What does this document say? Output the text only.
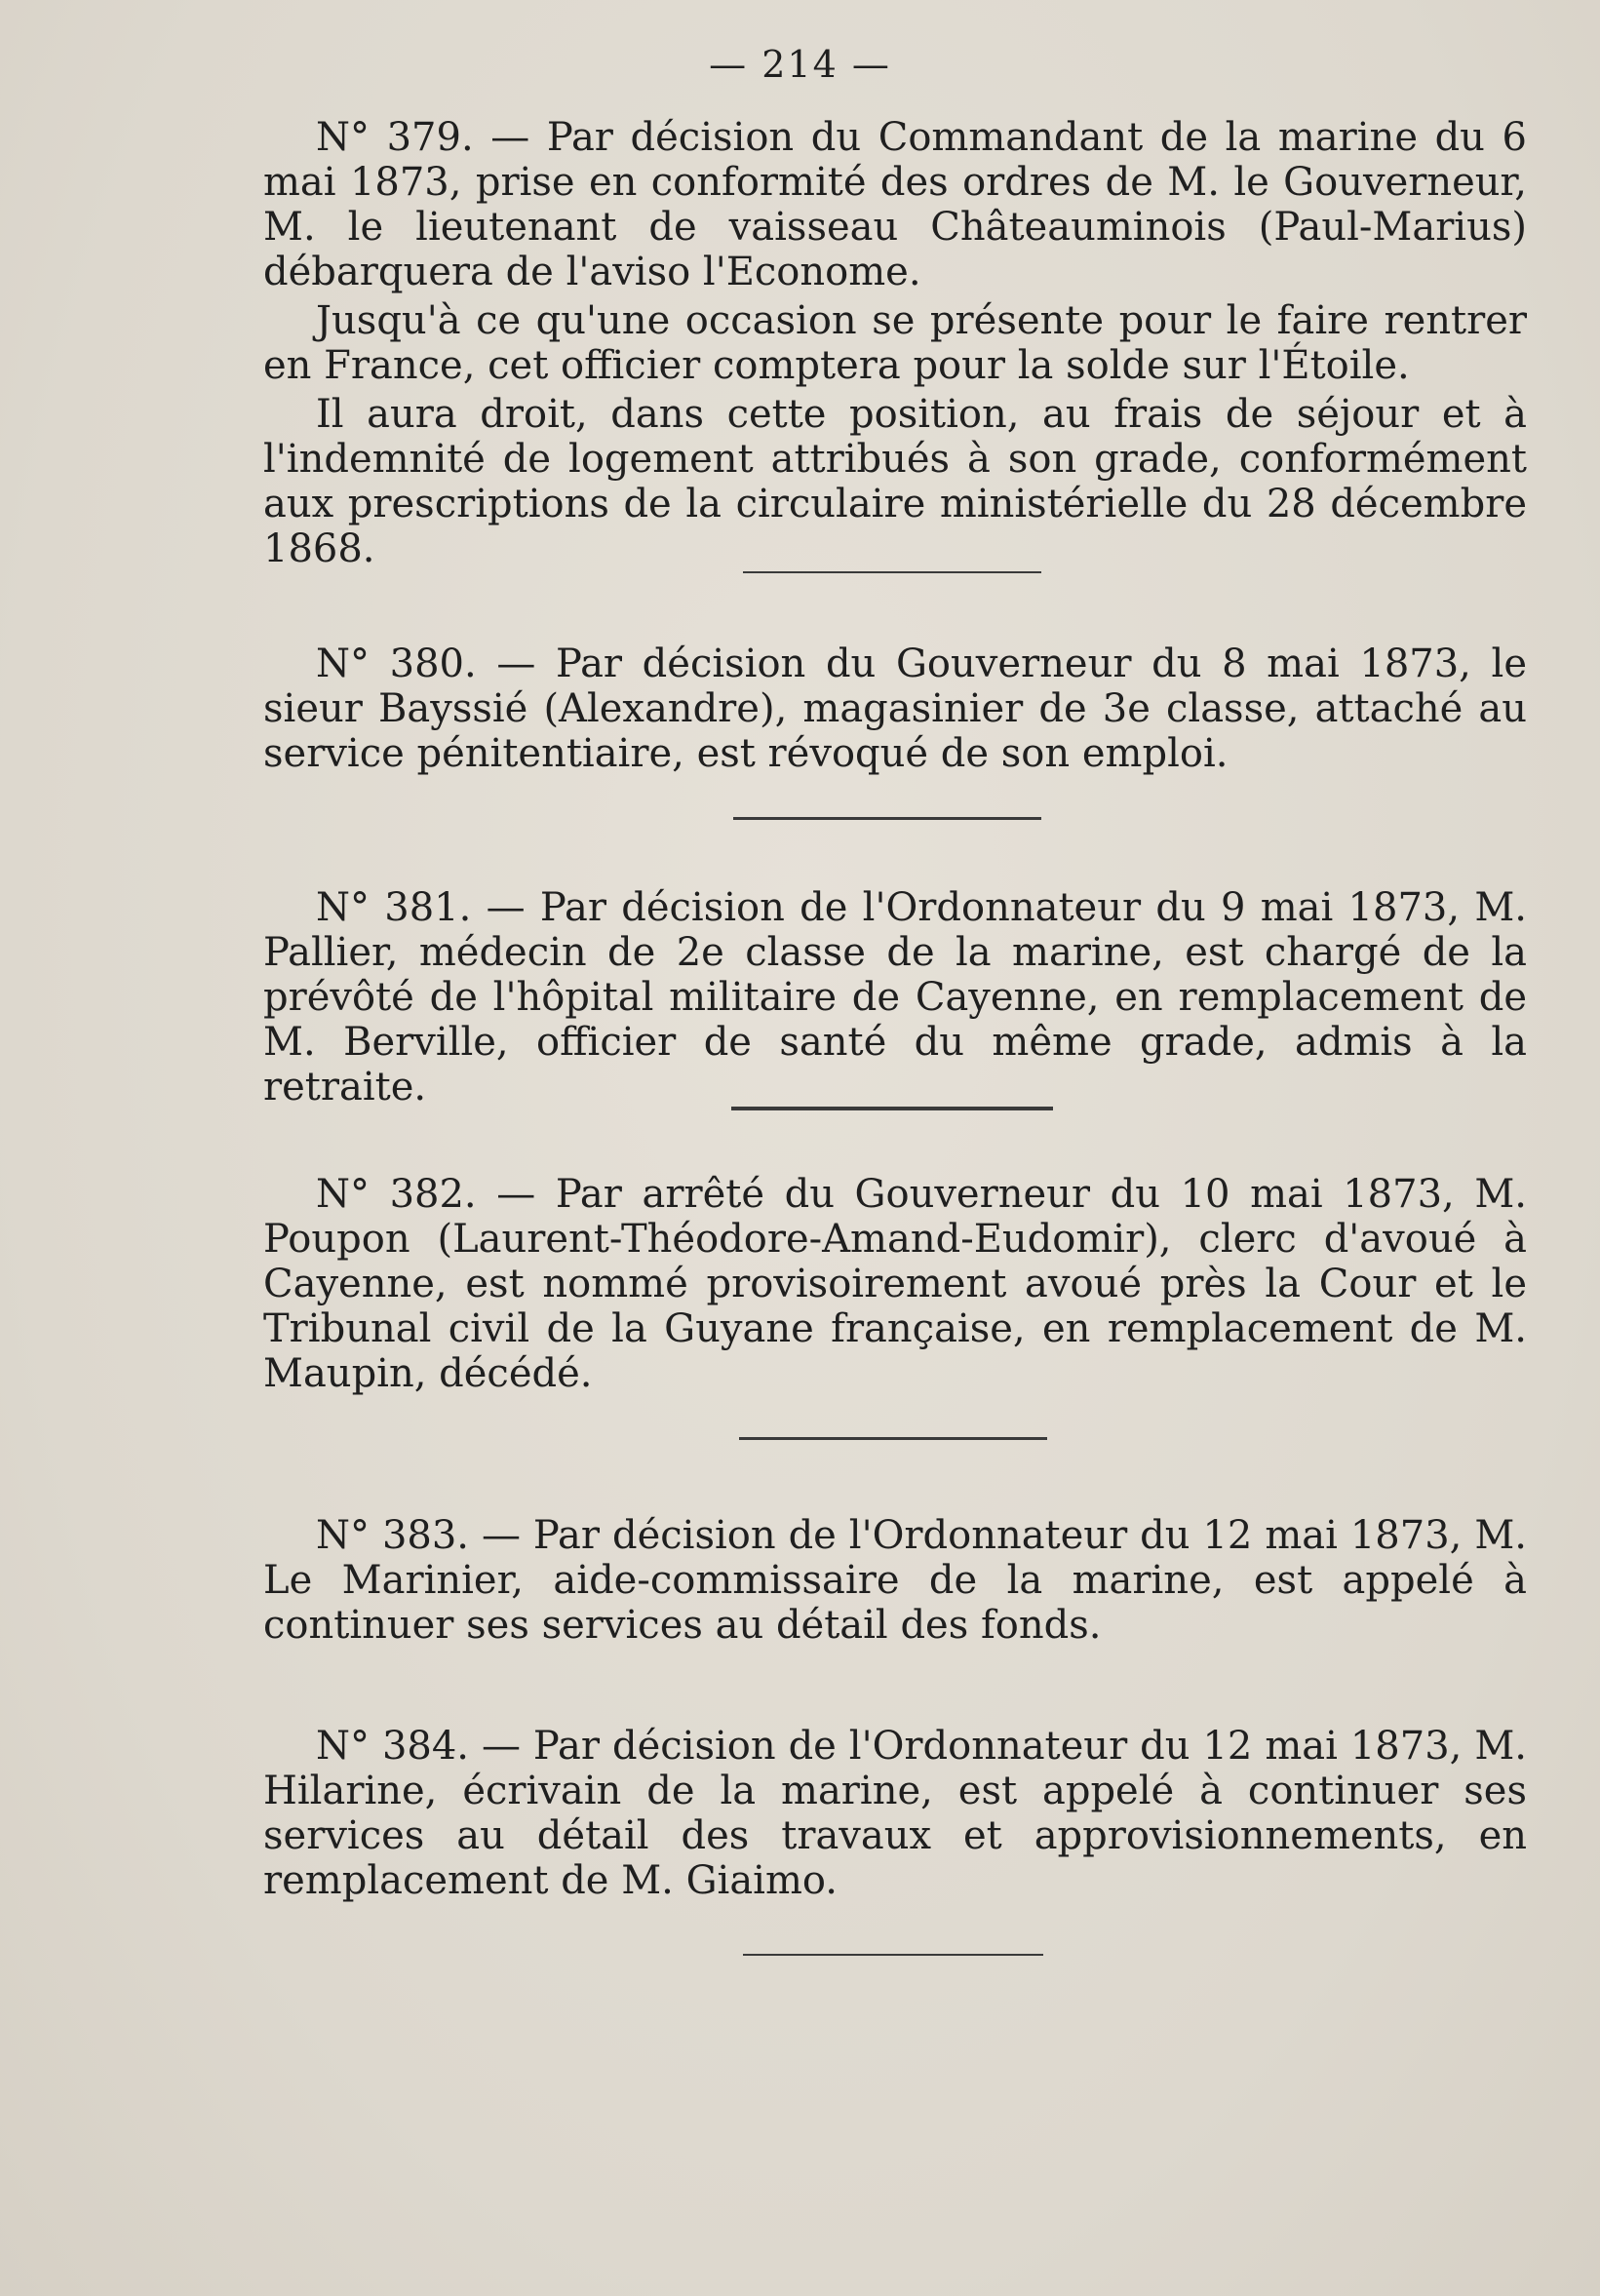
— 214 —

N° 379. — Par décision du Commandant de la marine du 6 mai 1873, prise en conformité des ordres de M. le Gouverneur, M. le lieutenant de vaisseau Châteauminois (Paul-Marius) débarquera de l'aviso l'Econome.

Jusqu'à ce qu'une occasion se présente pour le faire rentrer en France, cet officier comptera pour la solde sur l'Étoile.

Il aura droit, dans cette position, au frais de séjour et à l'indemnité de logement attribués à son grade, conformément aux prescriptions de la circulaire ministérielle du 28 décembre 1868.

N° 380. — Par décision du Gouverneur du 8 mai 1873, le sieur Bayssié (Alexandre), magasinier de 3e classe, attaché au service pénitentiaire, est révoqué de son emploi.

N° 381. — Par décision de l'Ordonnateur du 9 mai 1873, M. Pallier, médecin de 2e classe de la marine, est chargé de la prévôté de l'hôpital militaire de Cayenne, en remplacement de M. Berville, officier de santé du même grade, admis à la retraite.

N° 382. — Par arrêté du Gouverneur du 10 mai 1873, M. Poupon (Laurent-Théodore-Amand-Eudomir), clerc d'avoué à Cayenne, est nommé provisoirement avoué près la Cour et le Tribunal civil de la Guyane française, en remplacement de M. Maupin, décédé.

N° 383. — Par décision de l'Ordonnateur du 12 mai 1873, M. Le Marinier, aide-commissaire de la marine, est appelé à continuer ses services au détail des fonds.

N° 384. — Par décision de l'Ordonnateur du 12 mai 1873, M. Hilarine, écrivain de la marine, est appelé à continuer ses services au détail des travaux et approvisionnements, en remplacement de M. Giaimo.
